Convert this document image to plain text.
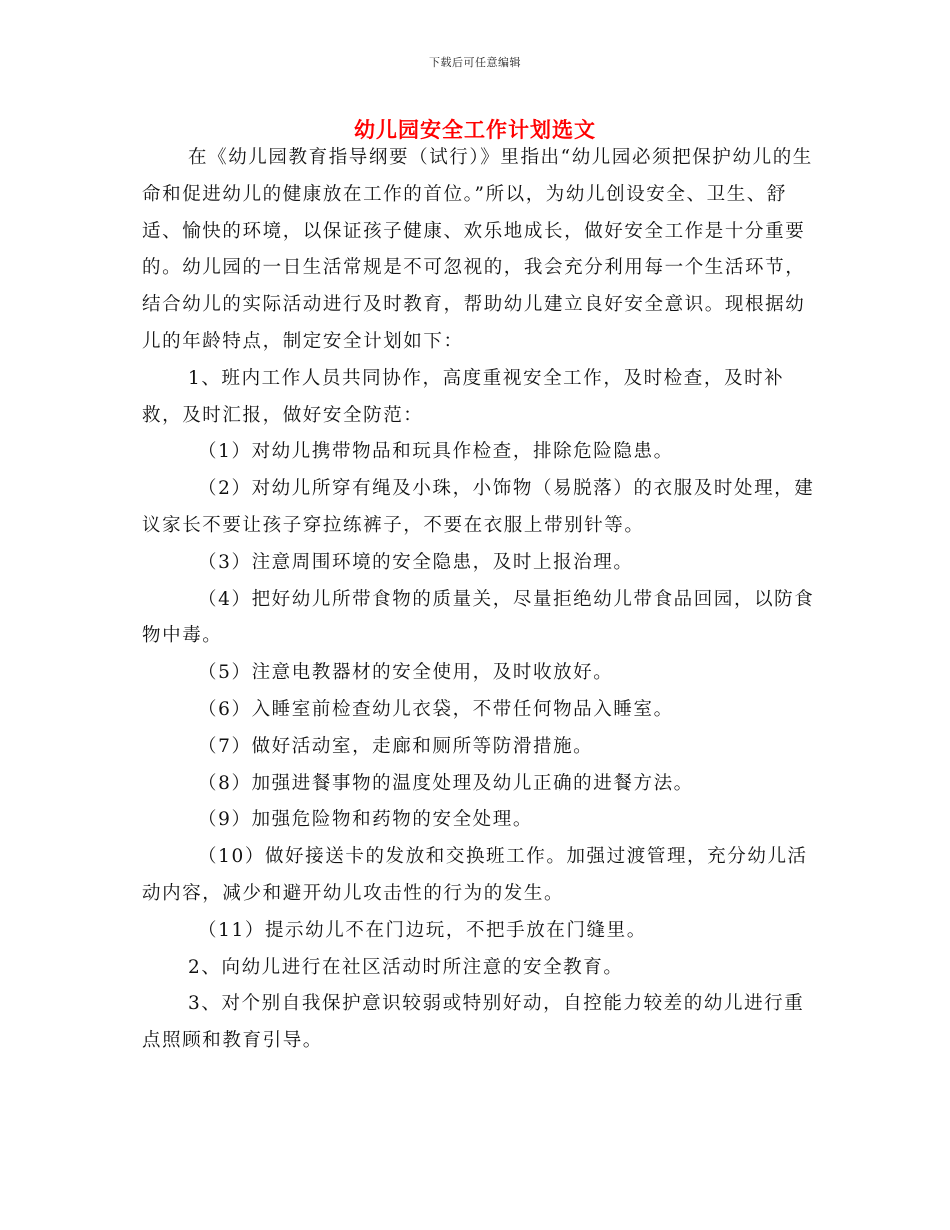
下载后可任意编辑
幼儿园安全工作计划选文

在《幼儿园教育指导纲要（试行）》里指出“幼儿园必须把保护幼儿的生命和促进幼儿的健康放在工作的首位。”所以，为幼儿创设安全、卫生、舒适、愉快的环境，以保证孩子健康、欢乐地成长，做好安全工作是十分重要的。幼儿园的一日生活常规是不可忽视的，我会充分利用每一个生活环节，结合幼儿的实际活动进行及时教育，帮助幼儿建立良好安全意识。现根据幼儿的年龄特点，制定安全计划如下：

1、班内工作人员共同协作，高度重视安全工作，及时检查，及时补救，及时汇报，做好安全防范：

（1）对幼儿携带物品和玩具作检查，排除危险隐患。

（2）对幼儿所穿有绳及小珠，小饰物（易脱落）的衣服及时处理，建议家长不要让孩子穿拉练裤子，不要在衣服上带别针等。

（3）注意周围环境的安全隐患，及时上报治理。

（4）把好幼儿所带食物的质量关，尽量拒绝幼儿带食品回园，以防食物中毒。

（5）注意电教器材的安全使用，及时收放好。

（6）入睡室前检查幼儿衣袋，不带任何物品入睡室。

（7）做好活动室，走廊和厕所等防滑措施。

（8）加强进餐事物的温度处理及幼儿正确的进餐方法。

（9）加强危险物和药物的安全处理。

（10）做好接送卡的发放和交换班工作。加强过渡管理，充分幼儿活动内容，减少和避开幼儿攻击性的行为的发生。

（11）提示幼儿不在门边玩，不把手放在门缝里。

2、向幼儿进行在社区活动时所注意的安全教育。

3、对个别自我保护意识较弱或特别好动，自控能力较差的幼儿进行重点照顾和教育引导。
